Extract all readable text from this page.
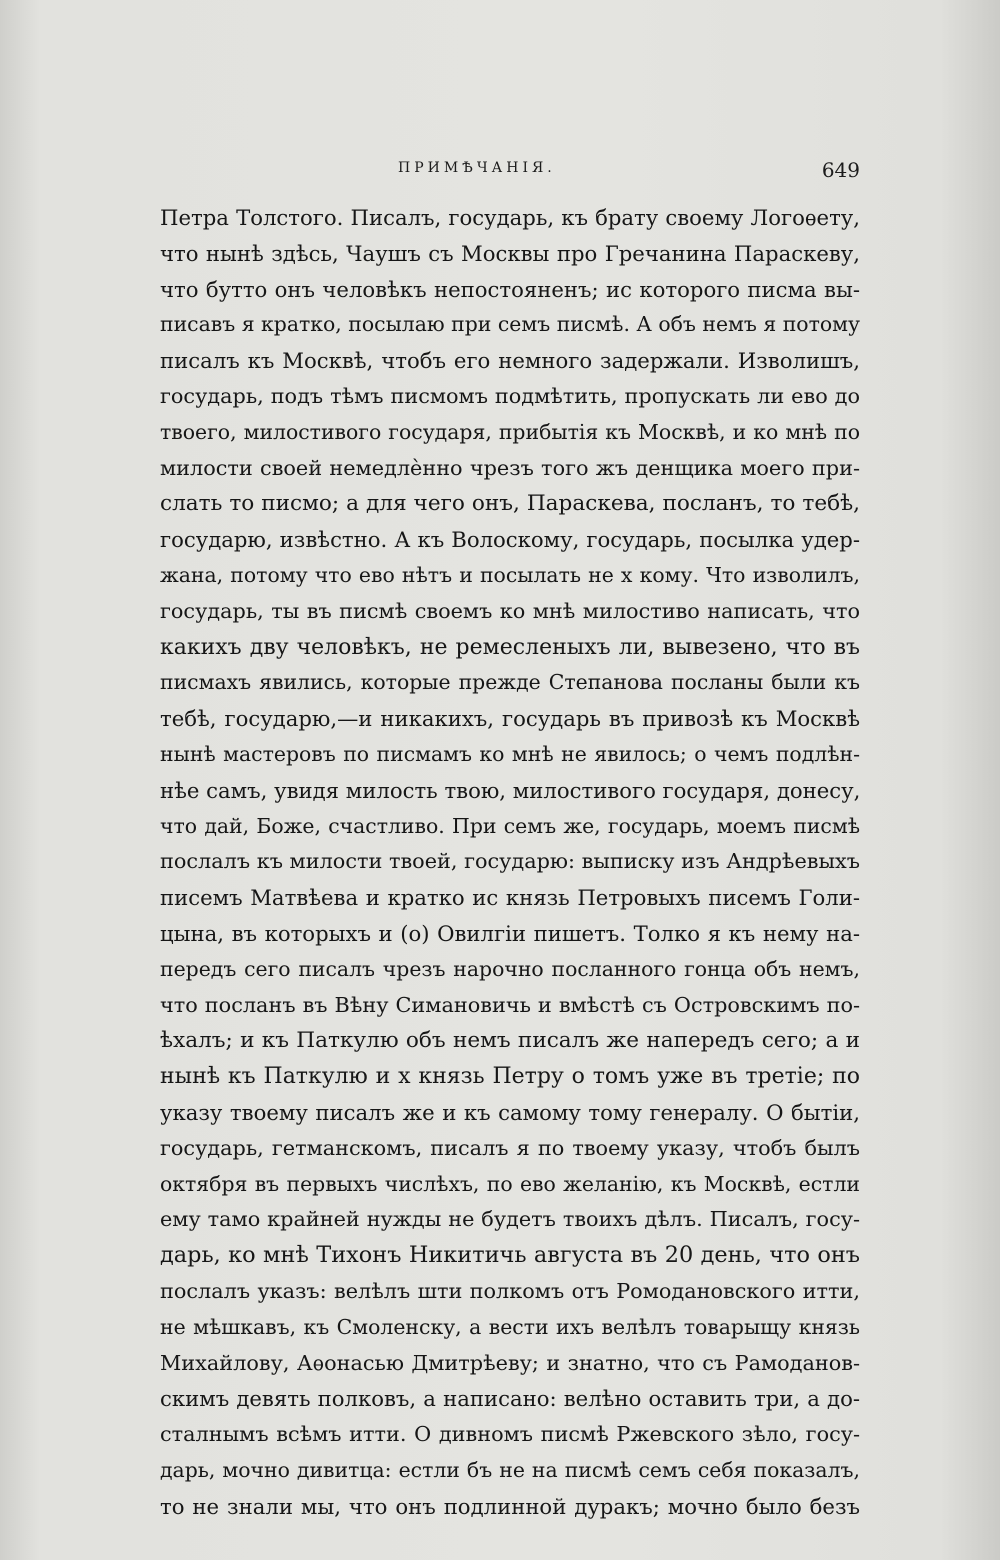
ПРИМѢЧАНІЯ.	649
Петра Толстого. Писалъ, государь, къ брату своему Логоѳету,
что нынѣ здѣсь, Чаушъ съ Москвы про Гречанина Параскеву,
что бутто онъ человѣкъ непостояненъ; ис которого писма вы-
писавъ я кратко, посылаю при семъ писмѣ. А объ немъ я потому
писалъ къ Москвѣ, чтобъ его немного задержали. Изволишъ,
государь, подъ тѣмъ писмомъ подмѣтить, пропускать ли ево до
твоего, милостивого государя, прибытія къ Москвѣ, и ко мнѣ по
милости своей немедлѐнно чрезъ того жъ денщика моего при-
слать то писмо; а для чего онъ, Параскева, посланъ, то тебѣ,
государю, извѣстно. А къ Волоскому, государь, посылка удер-
жана, потому что ево нѣтъ и посылать не х кому. Что изволилъ,
государь, ты въ писмѣ своемъ ко мнѣ милостиво написать, что
какихъ дву человѣкъ, не ремесленыхъ ли, вывезено, что въ
писмахъ явились, которые прежде Степанова посланы были къ
тебѣ, государю,—и никакихъ, государь въ привозѣ къ Москвѣ
нынѣ мастеровъ по писмамъ ко мнѣ не явилось; о чемъ подлѣн-
нѣе самъ, увидя милость твою, милостивого государя, донесу,
что дай, Боже, счастливо. При семъ же, государь, моемъ писмѣ
послалъ къ милости твоей, государю: выписку изъ Андрѣевыхъ
писемъ Матвѣева и кратко ис князь Петровыхъ писемъ Голи-
цына, въ которыхъ и (о) Овилгіи пишетъ. Толко я къ нему на-
передъ сего писалъ чрезъ нарочно посланного гонца объ немъ,
что посланъ въ Вѣну Симановичь и вмѣстѣ съ Островскимъ по-
ѣхалъ; и къ Паткулю объ немъ писалъ же напередъ сего; а и
нынѣ къ Паткулю и х князь Петру о томъ уже въ третіе; по
указу твоему писалъ же и къ самому тому генералу. О бытіи,
государь, гетманскомъ, писалъ я по твоему указу, чтобъ былъ
октября въ первыхъ числѣхъ, по ево желанію, къ Москвѣ, естли
ему тамо крайней нужды не будетъ твоихъ дѣлъ. Писалъ, госу-
дарь, ко мнѣ Тихонъ Никитичь августа въ 20 день, что онъ
послалъ указъ: велѣлъ шти полкомъ отъ Ромодановского итти,
не мѣшкавъ, къ Смоленску, а вести ихъ велѣлъ товарыщу князь
Михайлову, Аѳонасью Дмитрѣеву; и знатно, что съ Рамоданов-
скимъ девять полковъ, а написано: велѣно оставить три, а до-
сталнымъ всѣмъ итти. О дивномъ писмѣ Ржевского зѣло, госу-
дарь, мочно дивитца: естли бъ не на писмѣ семъ себя показалъ,
то не знали мы, что онъ подлинной дуракъ; мочно было безъ
